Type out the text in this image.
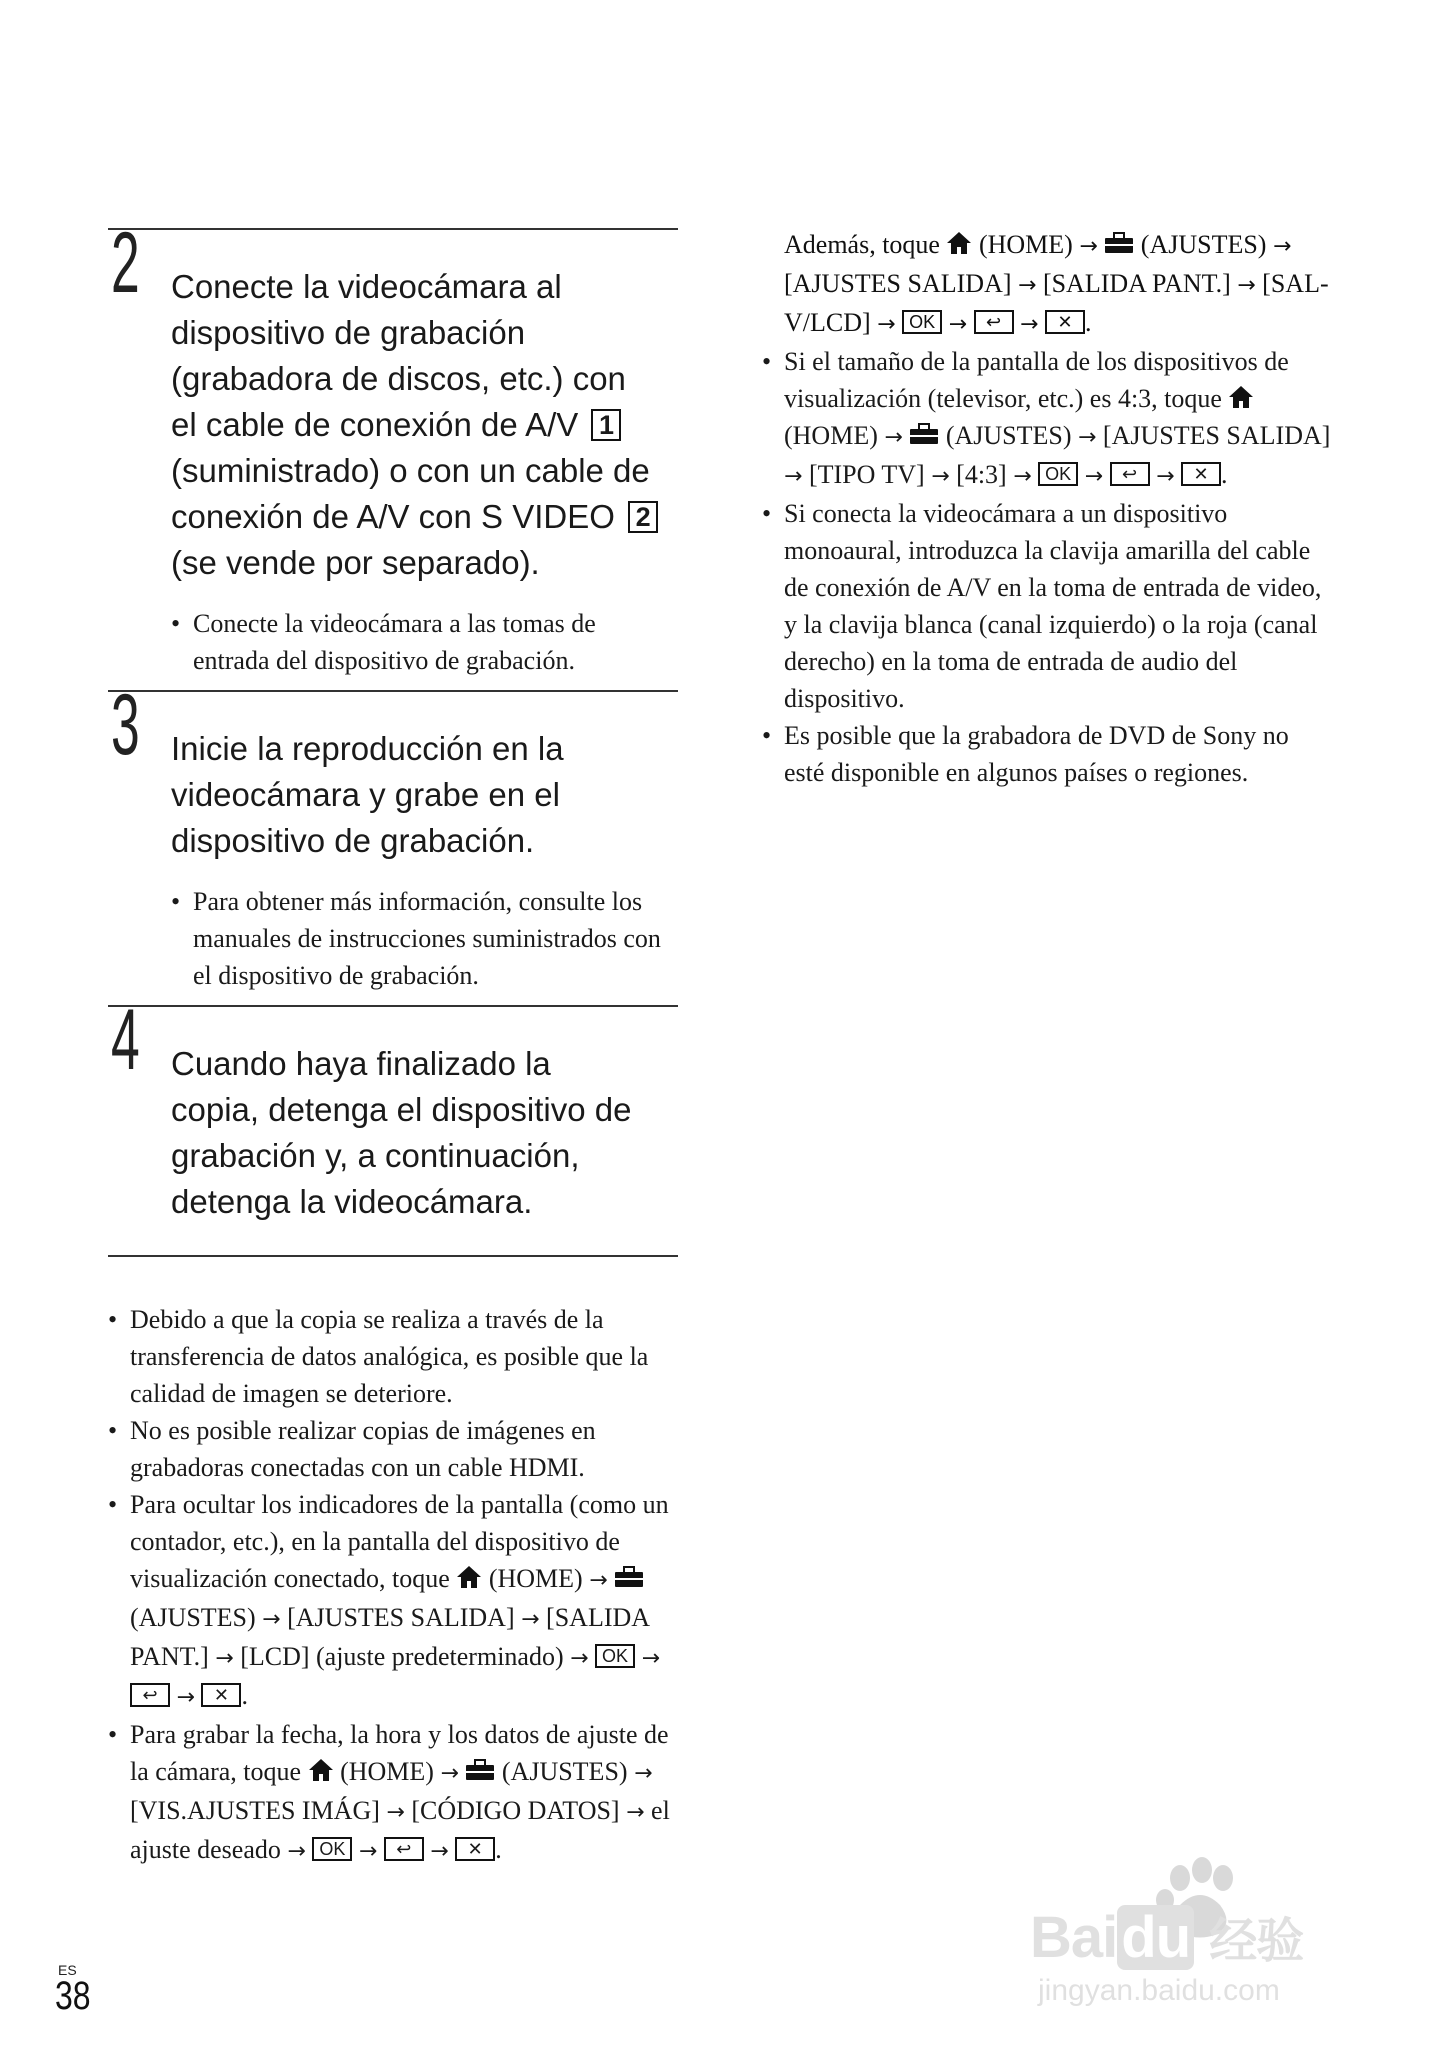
2 Conecte la videocámara al
dispositivo de grabación
(grabadora de discos, etc.) con
el cable de conexión de A/V 1
(suministrado) o con un cable de
conexión de A/V con S VIDEO 2
(se vende por separado).
• Conecte la videocámara a las tomas de entrada del dispositivo de grabación.
3 Inicie la reproducción en la videocámara y grabe en el dispositivo de grabación.
• Para obtener más información, consulte los manuales de instrucciones suministrados con el dispositivo de grabación.
4 Cuando haya finalizado la copia, detenga el dispositivo de grabación y, a continuación, detenga la videocámara.
• Debido a que la copia se realiza a través de la transferencia de datos analógica, es posible que la calidad de imagen se deteriore.
• No es posible realizar copias de imágenes en grabadoras conectadas con un cable HDMI.
• Para ocultar los indicadores de la pantalla (como un contador, etc.), en la pantalla del dispositivo de visualización conectado, toque (HOME) →  (AJUSTES) → [AJUSTES SALIDA] → [SALIDA PANT.] → [LCD] (ajuste predeterminado) → OK → ↩ → ✕ .
• Para grabar la fecha, la hora y los datos de ajuste de la cámara, toque (HOME) → (AJUSTES) → [VIS.AJUSTES IMÁG] → [CÓDIGO DATOS] → el ajuste deseado → OK → ↩ → ✕ .
Además, toque (HOME) → (AJUSTES) → [AJUSTES SALIDA] → [SALIDA PANT.] → [SAL-V/LCD] → OK → ↩ → ✕ .
• Si el tamaño de la pantalla de los dispositivos de visualización (televisor, etc.) es 4:3, toque  (HOME) → (AJUSTES) → [AJUSTES SALIDA] → [TIPO TV] → [4:3] → OK → ↩ → ✕ .
• Si conecta la videocámara a un dispositivo monoaural, introduzca la clavija amarilla del cable de conexión de A/V en la toma de entrada de video, y la clavija blanca (canal izquierdo) o la roja (canal derecho) en la toma de entrada de audio del dispositivo.
• Es posible que la grabadora de DVD de Sony no esté disponible en algunos países o regiones.
ES
38
Baidu 经验
jingyan.baidu.com
